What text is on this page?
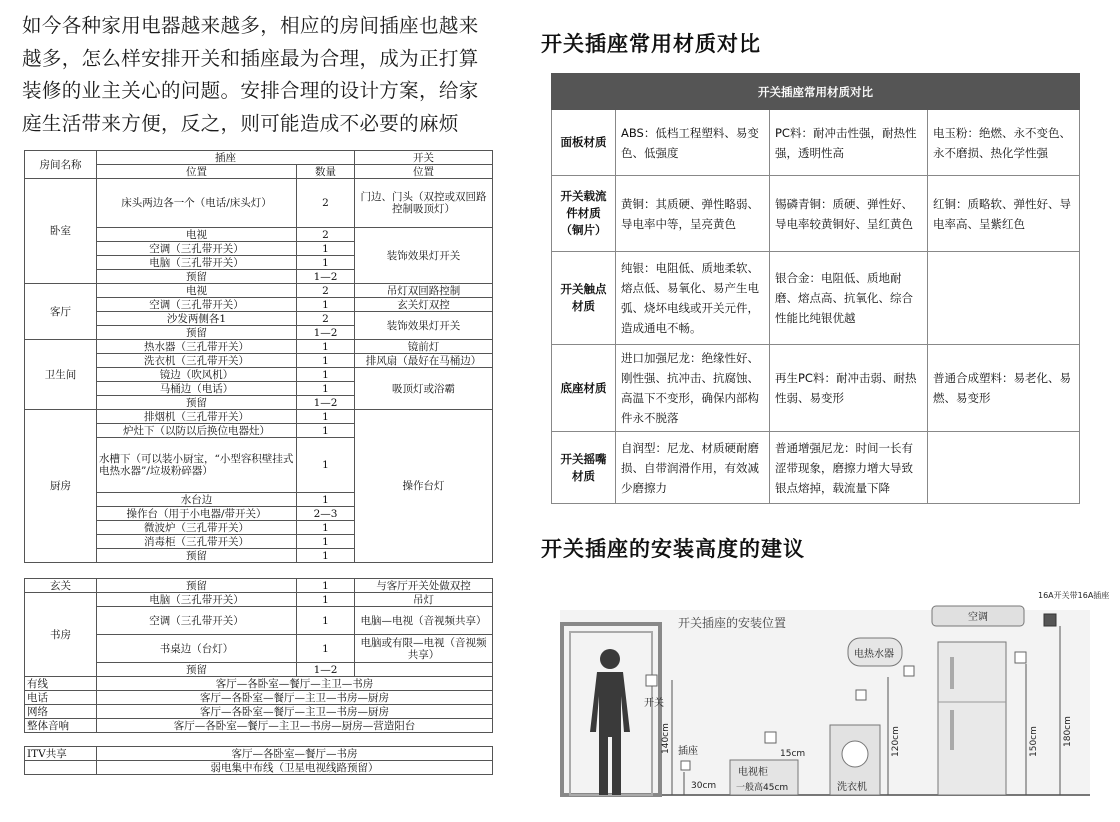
如今各种家用电器越来越多，相应的房间插座也越来越多，怎么样安排开关和插座最为合理，成为正打算装修的业主关心的问题。安排合理的设计方案，给家庭生活带来方便，反之，则可能造成不必要的麻烦
开关插座常用材质对比
开关插座的安装高度的建议
房间名称	插座		开关
	位置	数量	位置
卧室	床头两边各一个（电话/床头灯）	2	门边、门头（双控或双回路控制吸顶灯）
	电视	2	装饰效果灯开关
	空调（三孔带开关）	1	
	电脑（三孔带开关）	1	
	预留	1—2	
客厅	电视	2	吊灯双回路控制
	空调（三孔带开关）	1	玄关灯双控
	沙发两侧各1	2	装饰效果灯开关
	预留	1—2	
卫生间	热水器（三孔带开关）	1	镜前灯
	洗衣机（三孔带开关）	1	排风扇（最好在马桶边）
	镜边（吹风机）	1	吸顶灯或浴霸
	马桶边（电话）	1	
	预留	1—2	
厨房	排烟机（三孔带开关）	1	操作台灯
	炉灶下（以防以后换位电器灶）	1	
	水槽下（可以装小厨宝，“小型容积壁挂式电热水器”/垃圾粉碎器）	1	
	水台边	1	
	操作台（用于小电器/带开关）	2—3	
	微波炉（三孔带开关）	1	
	消毒柜（三孔带开关）	1	
	预留	1	

玄关	预留	1	与客厅开关处做双控
书房	电脑（三孔带开关）	1	吊灯
	空调（三孔带开关）	1	电脑—电视（音视频共享）
	书桌边（台灯）	1	电脑或有限—电视（音视频共享）
	预留	1—2	
有线	客厅—各卧室—餐厅—主卫—书房		
电话	客厅—各卧室—餐厅—主卫—书房—厨房		
网络	客厅—各卧室—餐厅—主卫—书房—厨房		
整体音响	客厅—各卧室—餐厅—主卫—书房—厨房—营造阳台		

ITV共享	客厅—各卧室—餐厅—书房		
	弱电集中布线（卫星电视线路预留）		
开关插座常用材质对比			
面板材质	ABS：低档工程塑料、易变色、低强度	PC料：耐冲击性强，耐热性强，透明性高	电玉粉：绝燃、永不变色、永不磨损、热化学性强
开关载流件材质（铜片）	黄铜：其质硬、弹性略弱、导电率中等，呈亮黄色	锡磷青铜：质硬、弹性好、导电率较黄铜好、呈红黄色	红铜：质略软、弹性好、导电率高、呈紫红色
开关触点材质	纯银：电阻低、质地柔软、熔点低、易氧化、易产生电弧、烧坏电线或开关元件，造成通电不畅。	银合金：电阻低、质地耐磨、熔点高、抗氧化、综合性能比纯银优越	
底座材质	进口加强尼龙：绝缘性好、刚性强、抗冲击、抗腐蚀、高温下不变形，确保内部构件永不脱落	再生PC料：耐冲击弱、耐热性弱、易变形	普通合成塑料：易老化、易燃、易变形
开关摇嘴材质	自润型：尼龙、材质硬耐磨损、自带润滑作用，有效减少磨擦力	普通增强尼龙：时间一长有涩带现象，磨擦力增大导致银点熔掉，载流量下降	
开关插座的安装位置
开关
插座
140cm
30cm
15cm
电视柜
一般高45cm
电热水器
洗衣机
120cm	150cm
空调
16A开关带16A插座
180cm
